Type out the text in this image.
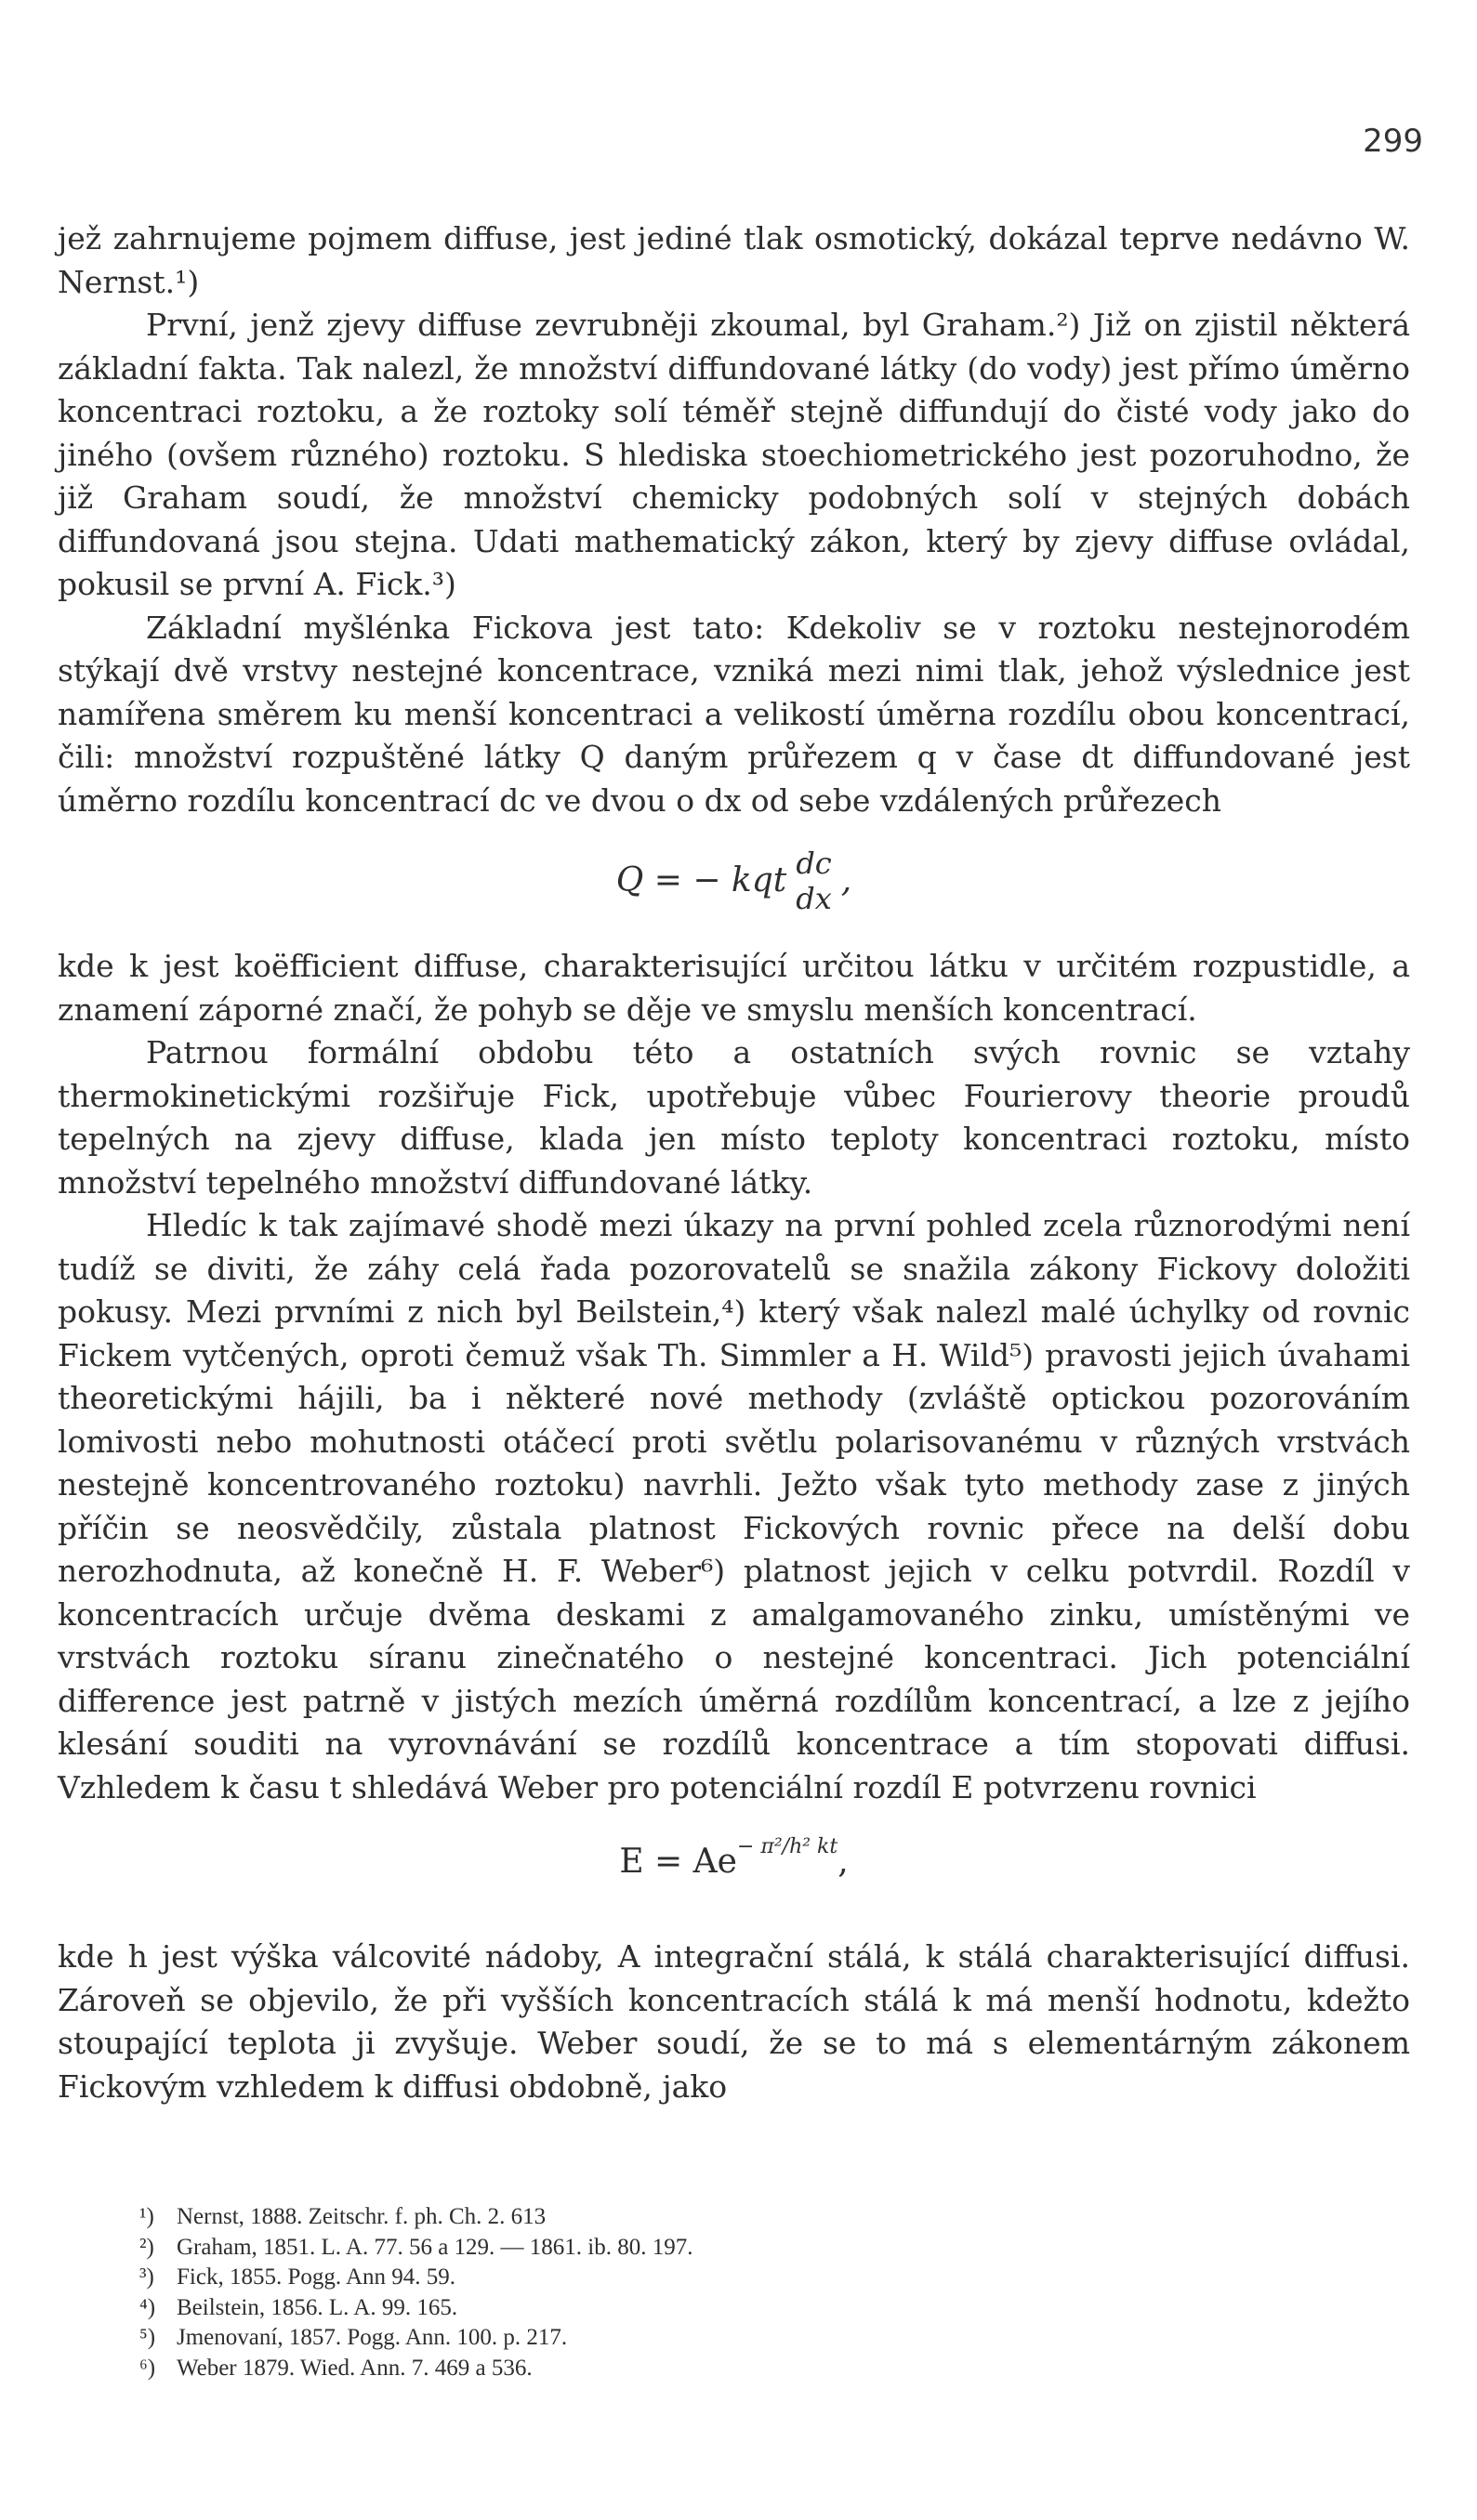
299

jež zahrnujeme pojmem diffuse, jest jediné tlak osmotický, dokázal teprve nedávno W. Nernst.¹)

První, jenž zjevy diffuse zevrubněji zkoumal, byl Graham.²) Již on zjistil některá základní fakta. Tak nalezl, že množství diffundované látky (do vody) jest přímo úměrno koncentraci roztoku, a že roztoky solí téměř stejně diffundují do čisté vody jako do jiného (ovšem různého) roztoku. S hlediska stoechiometrického jest pozoruhodno, že již Graham soudí, že množství chemicky podobných solí v stejných dobách diffundovaná jsou stejna. Udati mathematický zákon, který by zjevy diffuse ovládal, pokusil se první A. Fick.³)

Základní myšlénka Fickova jest tato: Kdekoliv se v roztoku nestejnorodém stýkají dvě vrstvy nestejné koncentrace, vzniká mezi nimi tlak, jehož výslednice jest namířena směrem ku menší koncentraci a velikostí úměrna rozdílu obou koncentrací, čili: množství rozpuštěné látky Q daným průřezem q v čase dt diffundované jest úměrno rozdílu koncentrací dc ve dvou o dx od sebe vzdálených průřezech

Q = − kqt dc
dx ,

kde k jest koëfficient diffuse, charakterisující určitou látku v určitém rozpustidle, a znamení záporné značí, že pohyb se děje ve smyslu menších koncentrací.

Patrnou formální obdobu této a ostatních svých rovnic se vztahy thermokinetickými rozšiřuje Fick, upotřebuje vůbec Fourierovy theorie proudů tepelných na zjevy diffuse, klada jen místo teploty koncentraci roztoku, místo množství tepelného množství diffundované látky.

Hledíc k tak zajímavé shodě mezi úkazy na první pohled zcela různorodými není tudíž se diviti, že záhy celá řada pozorovatelů se snažila zákony Fickovy doložiti pokusy. Mezi prvními z nich byl Beilstein,⁴) který však nalezl malé úchylky od rovnic Fickem vytčených, oproti čemuž však Th. Simmler a H. Wild⁵) pravosti jejich úvahami theoretickými hájili, ba i některé nové methody (zvláště optickou pozorováním lomivosti nebo mohutnosti otáčecí proti světlu polarisovanému v různých vrstvách nestejně koncentrovaného roztoku) navrhli. Ježto však tyto methody zase z jiných příčin se neosvědčily, zůstala platnost Fickových rovnic přece na delší dobu nerozhodnuta, až konečně H. F. Weber⁶) platnost jejich v celku potvrdil. Rozdíl v koncentracích určuje dvěma deskami z amalgamovaného zinku, umístěnými ve vrstvách roztoku síranu zinečnatého o nestejné koncentraci. Jich potenciální difference jest patrně v jistých mezích úměrná rozdílům koncentrací, a lze z jejího klesání souditi na vyrovnávání se rozdílů koncentrace a tím stopovati diffusi. Vzhledem k času t shledává Weber pro potenciální rozdíl E potvrzenu rovnici

$E = Ae^{- \pi^2/h^2 kt}$,

kde h jest výška válcovité nádoby, A integrační stálá, k stálá charakterisující diffusi. Zároveň se objevilo, že při vyšších koncentracích stálá k má menší hodnotu, kdežto stoupající teplota ji zvyšuje. Weber soudí, že se to má s elementárným zákonem Fickovým vzhledem k diffusi obdobně, jako

¹) Nernst, 1888. Zeitschr. f. ph. Ch. 2. 613

²) Graham, 1851. L. A. 77. 56 a 129. — 1861. ib. 80. 197.

³) Fick, 1855. Pogg. Ann 94. 59.

⁴) Beilstein, 1856. L. A. 99. 165.

⁵) Jmenovaní, 1857. Pogg. Ann. 100. p. 217.

⁶) Weber 1879. Wied. Ann. 7. 469 a 536.
